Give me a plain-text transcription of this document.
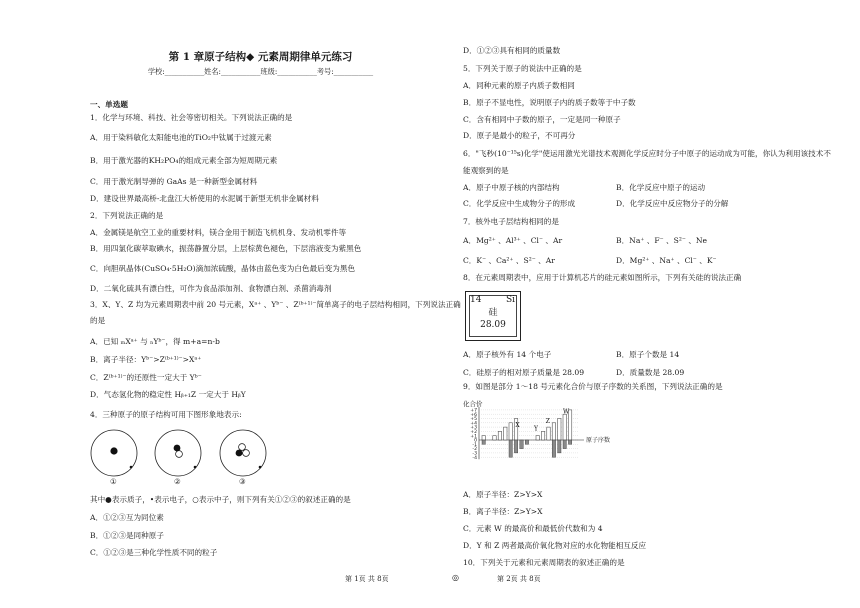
第 1 章原子结构◆ 元素周期律单元练习
学校:___________姓名:___________班级:___________考号:___________
一、单选题
1．化学与环境、科技、社会等密切相关。下列说法正确的是
A．用于染料敏化太阳能电池的TiO₂中钛属于过渡元素
B．用于激光器的KH₂PO₄的组成元素全部为短周期元素
C．用于激光制导弹的 GaAs 是一种新型金属材料
D．建设世界最高桥-北盘江大桥使用的水泥属于新型无机非金属材料
2．下列说法正确的是
A．金属镁是航空工业的重要材料，镁合金用于制造飞机机身、发动机零件等
B．用四氯化碳萃取碘水，振荡静置分层，上层棕黄色褪色，下层溶液变为紫黑色
C．向胆矾晶体(CuSO₄·5H₂O)滴加浓硫酸，晶体由蓝色变为白色最后变为黑色
D．二氧化硫具有漂白性，可作为食品添加剂、食物漂白剂、杀菌消毒剂
3．X、Y、Z 均为元素周期表中前 20 号元素，Xᵃ⁺ 、Yᵇ⁻ 、Z⁽ᵇ⁺¹⁾⁻简单离子的电子层结构相同，下列说法正确
的是
A．已知 ₘXᵃ⁺ 与 ₙYᵇ⁻，得 m+a=n-b
B．离子半径：Yᵇ⁻>Z⁽ᵇ⁺¹⁾⁻>Xᵃ⁺
C．Z⁽ᵇ⁺¹⁾⁻的还原性一定大于 Yᵇ⁻
D．气态氢化物的稳定性 Hᵦ₊₁Z 一定大于 HᵦY
4．三种原子的原子结构可用下图形象地表示:
其中●表示质子，•表示电子，○表示中子，则下列有关①②③的叙述正确的是
A．①②③互为同位素
B．①②③是同种原子
C．①②③是三种化学性质不同的粒子
①	②	③
D．①②③具有相同的质量数
5．下列关于原子的说法中正确的是
A．同种元素的原子内质子数相同
B．原子不显电性，说明原子内的质子数等于中子数
C．含有相同中子数的原子，一定是同一种原子
D．原子是最小的粒子，不可再分
6．"飞秒(10⁻¹⁵s)化学"使运用激光光谱技术观测化学反应时分子中原子的运动成为可能，你认为利用该技术不
能观察到的是
7．核外电子层结构相同的是
8．在元素周期表中，应用于计算机芯片的硅元素如图所示，下列有关硅的说法正确
9．如图是部分 1～18 号元素化合价与原子序数的关系图，下列说法正确的是
A．原子半径：Z>Y>X
B．离子半径：Z>Y>X
C．元素 W 的最高价和最低价代数和为 4
D．Y 和 Z 两者最高价氧化物对应的水化物能相互反应
10．下列关于元素和元素周期表的叙述正确的是
A．原子中原子核的内部结构	B．化学反应中原子的运动
C．化学反应中生成物分子的形成	D．化学反应中反应物分子的分解
A．Mg²⁺ 、Al³⁺ 、Cl⁻ 、Ar	B．Na⁺ 、F⁻ 、S²⁻ 、Ne
C．K⁻ 、Ca²⁺ 、S²⁻ 、Ar	D．Mg²⁺ 、Na⁺ 、Cl⁻ 、K⁻
A．原子核外有 14 个电子	B．原子个数是 14
C．硅原子的相对原子质量是 28.09	D．质量数是 28.09
14	Si
硅
28.09
化合价
+7
+6
+5
+4
+3
+2
+1
0
-1
-2
-3
-4
原子序数
X Y
Z
W
第 1页 共 8页	◎	第 2页 共 8页
